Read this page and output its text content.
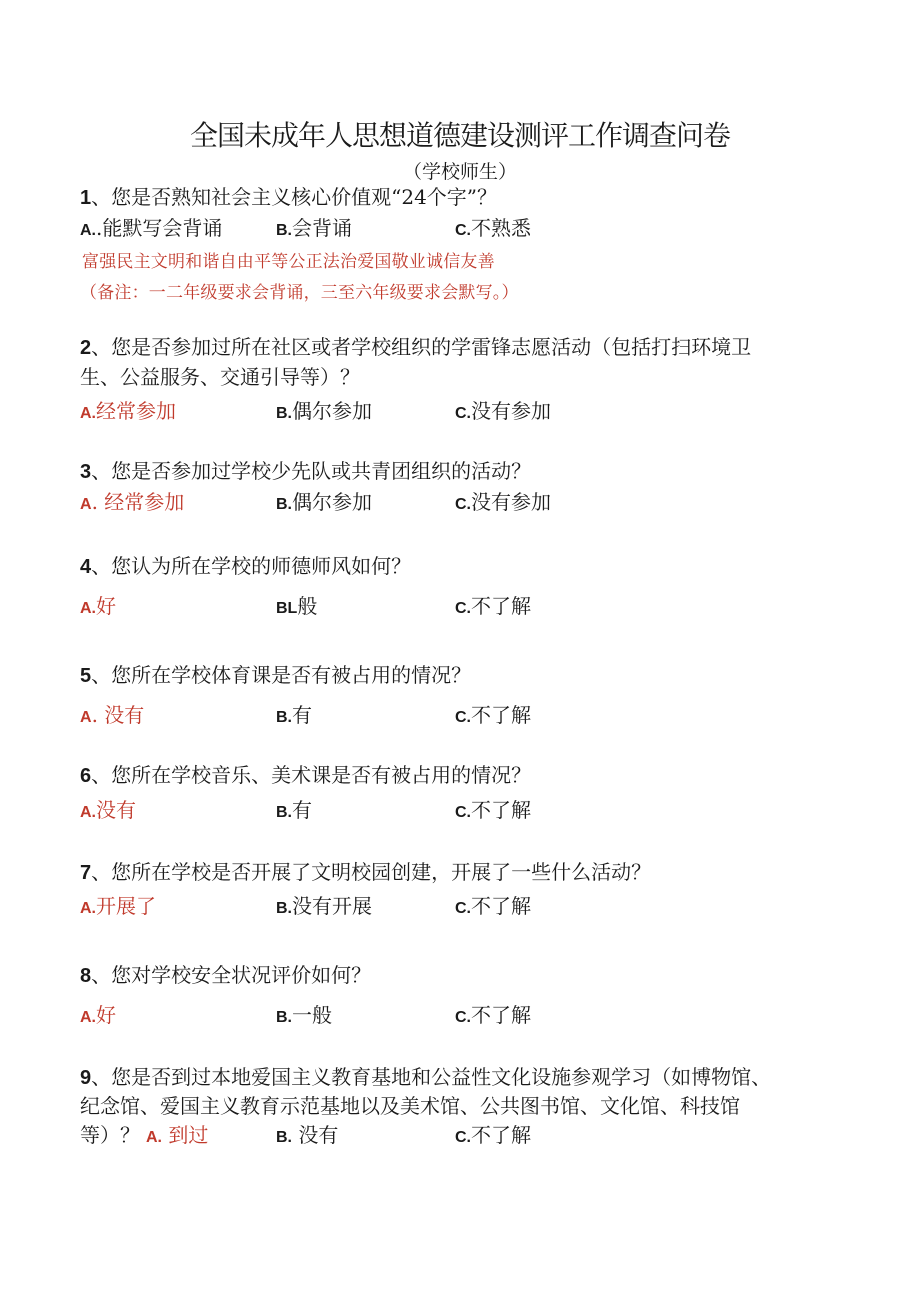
全国未成年人思想道德建设测评工作调查问卷
（学校师生）
1、您是否熟知社会主义核心价值观“24个字”？
A..能默写会背诵	B.会背诵	C.不熟悉
富强民主文明和谐自由平等公正法治爱国敬业诚信友善
（备注：一二年级要求会背诵，三至六年级要求会默写。）
2、您是否参加过所在社区或者学校组织的学雷锋志愿活动（包括打扫环境卫
生、公益服务、交通引导等）？
A.经常参加	B.偶尔参加	C.没有参加
3、您是否参加过学校少先队或共青团组织的活动？
A. 经常参加	B.偶尔参加	C.没有参加
4、您认为所在学校的师德师风如何？
A.好	BL般	C.不了解
5、您所在学校体育课是否有被占用的情况？
A. 没有	B.有	C.不了解
6、您所在学校音乐、美术课是否有被占用的情况？
A.没有	B.有	C.不了解
7、您所在学校是否开展了文明校园创建，开展了一些什么活动？
A.开展了	B.没有开展	C.不了解
8、您对学校安全状况评价如何？
A.好	B.一般	C.不了解
9、您是否到过本地爱国主义教育基地和公益性文化设施参观学习（如博物馆、
纪念馆、爱国主义教育示范基地以及美术馆、公共图书馆、文化馆、科技馆
等）？ A. 到过	B. 没有	C.不了解
